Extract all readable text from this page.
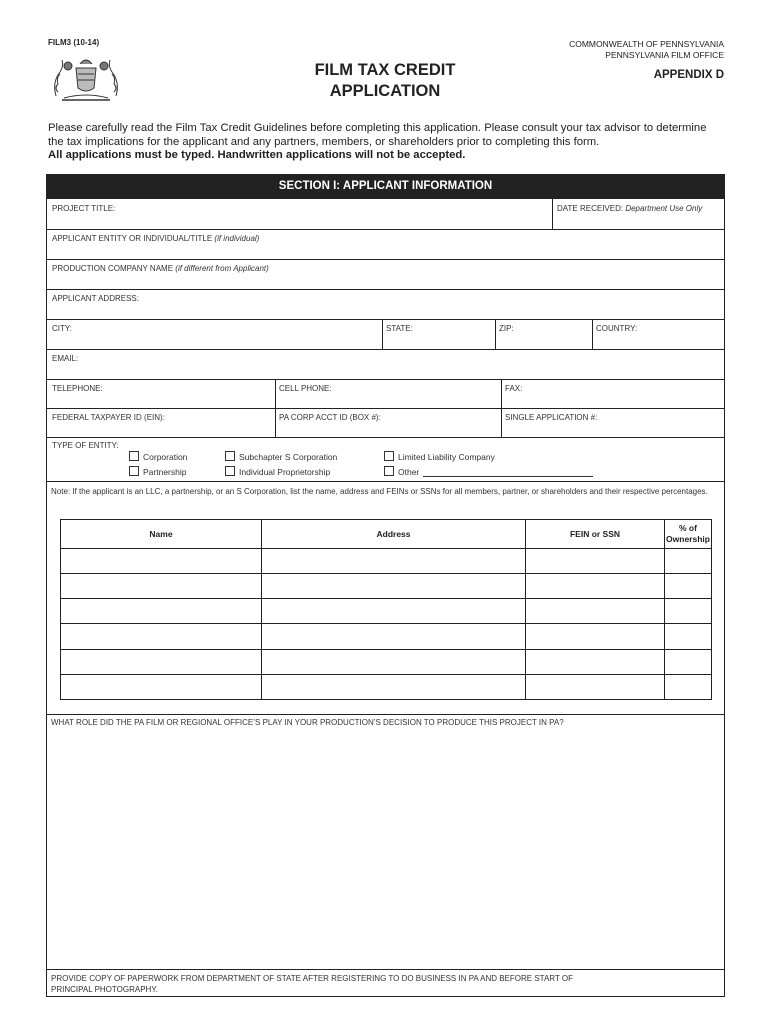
FILM3 (10-14)	COMMONWEALTH OF PENNSYLVANIA
PENNSYLVANIA FILM OFFICE
FILM TAX CREDIT
APPLICATION
APPENDIX D
Please carefully read the Film Tax Credit Guidelines before completing this application. Please consult your tax advisor to determine
the tax implications for the applicant and any partners, members, or shareholders prior to completing this form.
All applications must be typed. Handwritten applications will not be accepted.
SECTION I: APPLICANT INFORMATION
PROJECT TITLE:	DATE RECEIVED: Department Use Only
APPLICANT ENTITY OR INDIVIDUAL/TITLE (if individual)
PRODUCTION COMPANY NAME (if different from Applicant)
APPLICANT ADDRESS:
CITY:	STATE:	ZIP:	COUNTRY:
EMAIL:
TELEPHONE:	CELL PHONE:	FAX:
FEDERAL TAXPAYER ID (EIN):	PA CORP ACCT ID (BOX #):	SINGLE APPLICATION #:
TYPE OF ENTITY:
Corporation	Subchapter S Corporation	Limited Liability Company
Partnership	Individual Proprietorship	Other
Note: If the applicant is an LLC, a partnership, or an S Corporation, list the name, address and FEINs or SSNs for all members, partner, or shareholders and their respective percentages.
Name	Address	FEIN or SSN	% of
Ownership

WHAT ROLE DID THE PA FILM OR REGIONAL OFFICE’S PLAY IN YOUR PRODUCTION’S DECISION TO PRODUCE THIS PROJECT IN PA?
PROVIDE COPY OF PAPERWORK FROM DEPARTMENT OF STATE AFTER REGISTERING TO DO BUSINESS IN PA AND BEFORE START OF
PRINCIPAL PHOTOGRAPHY.
